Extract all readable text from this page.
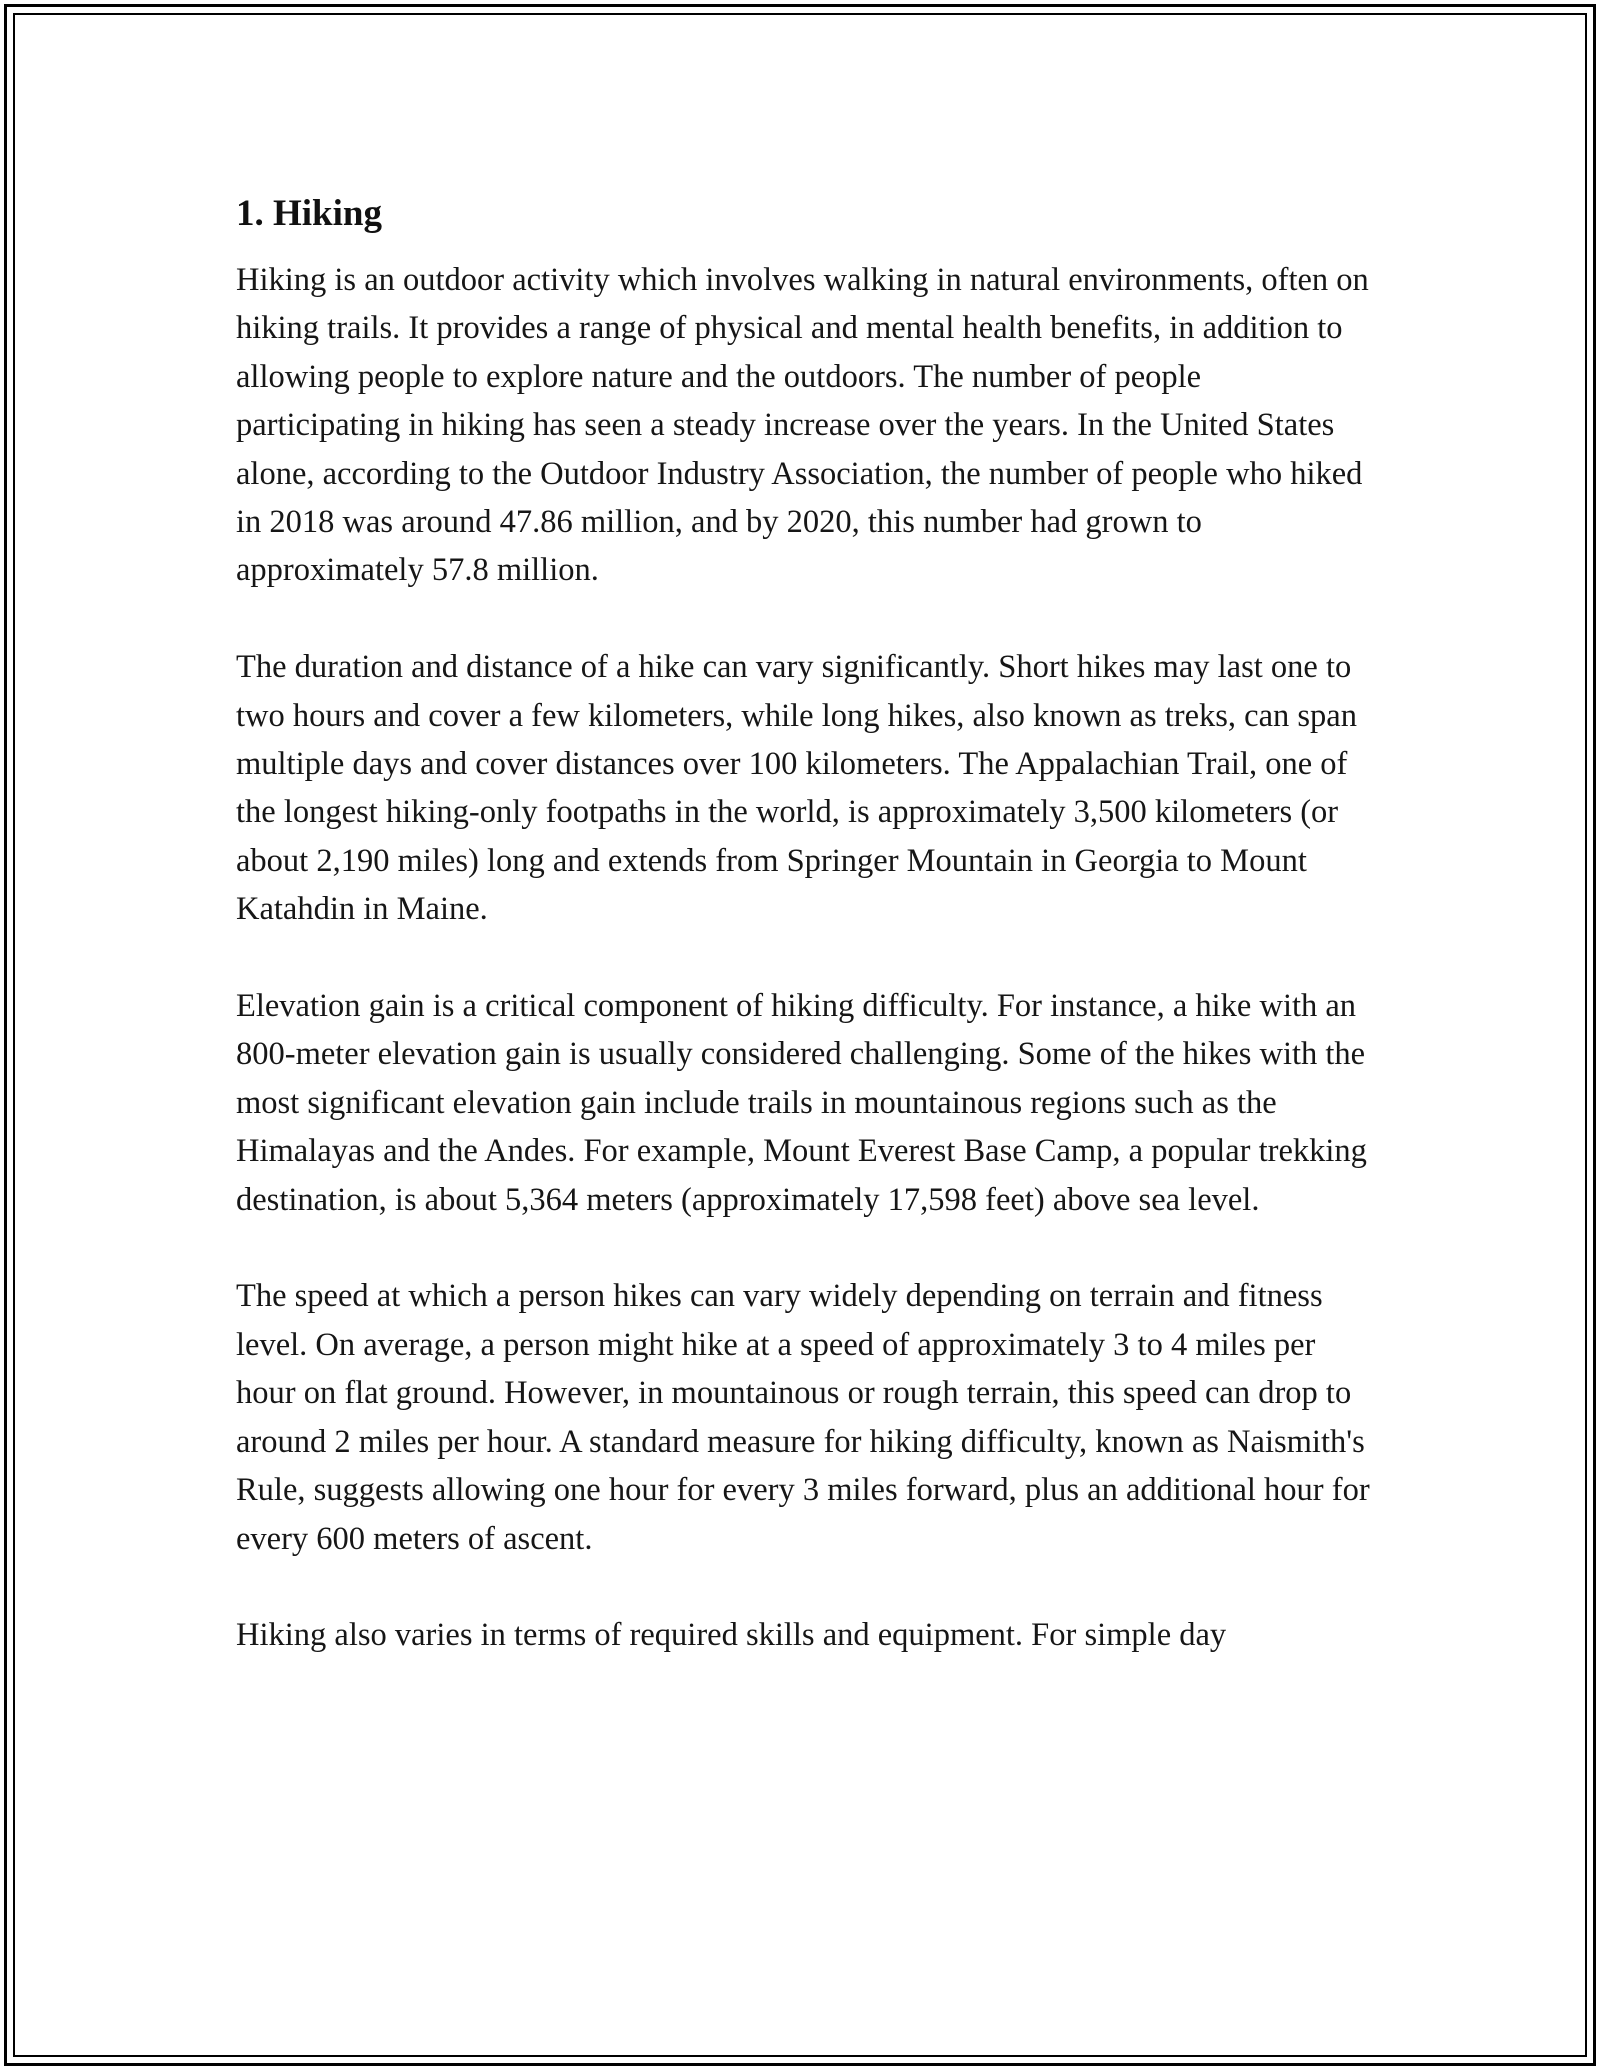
1. Hiking

Hiking is an outdoor activity which involves walking in natural environments, often on hiking trails. It provides a range of physical and mental health benefits, in addition to allowing people to explore nature and the outdoors. The number of people participating in hiking has seen a steady increase over the years. In the United States alone, according to the Outdoor Industry Association, the number of people who hiked in 2018 was around 47.86 million, and by 2020, this number had grown to approximately 57.8 million.

The duration and distance of a hike can vary significantly. Short hikes may last one to two hours and cover a few kilometers, while long hikes, also known as treks, can span multiple days and cover distances over 100 kilometers. The Appalachian Trail, one of the longest hiking-only footpaths in the world, is approximately 3,500 kilometers (or about 2,190 miles) long and extends from Springer Mountain in Georgia to Mount Katahdin in Maine.

Elevation gain is a critical component of hiking difficulty. For instance, a hike with an 800-meter elevation gain is usually considered challenging. Some of the hikes with the most significant elevation gain include trails in mountainous regions such as the Himalayas and the Andes. For example, Mount Everest Base Camp, a popular trekking destination, is about 5,364 meters (approximately 17,598 feet) above sea level.

The speed at which a person hikes can vary widely depending on terrain and fitness level. On average, a person might hike at a speed of approximately 3 to 4 miles per hour on flat ground. However, in mountainous or rough terrain, this speed can drop to around 2 miles per hour. A standard measure for hiking difficulty, known as Naismith's Rule, suggests allowing one hour for every 3 miles forward, plus an additional hour for every 600 meters of ascent.

Hiking also varies in terms of required skills and equipment. For simple day
